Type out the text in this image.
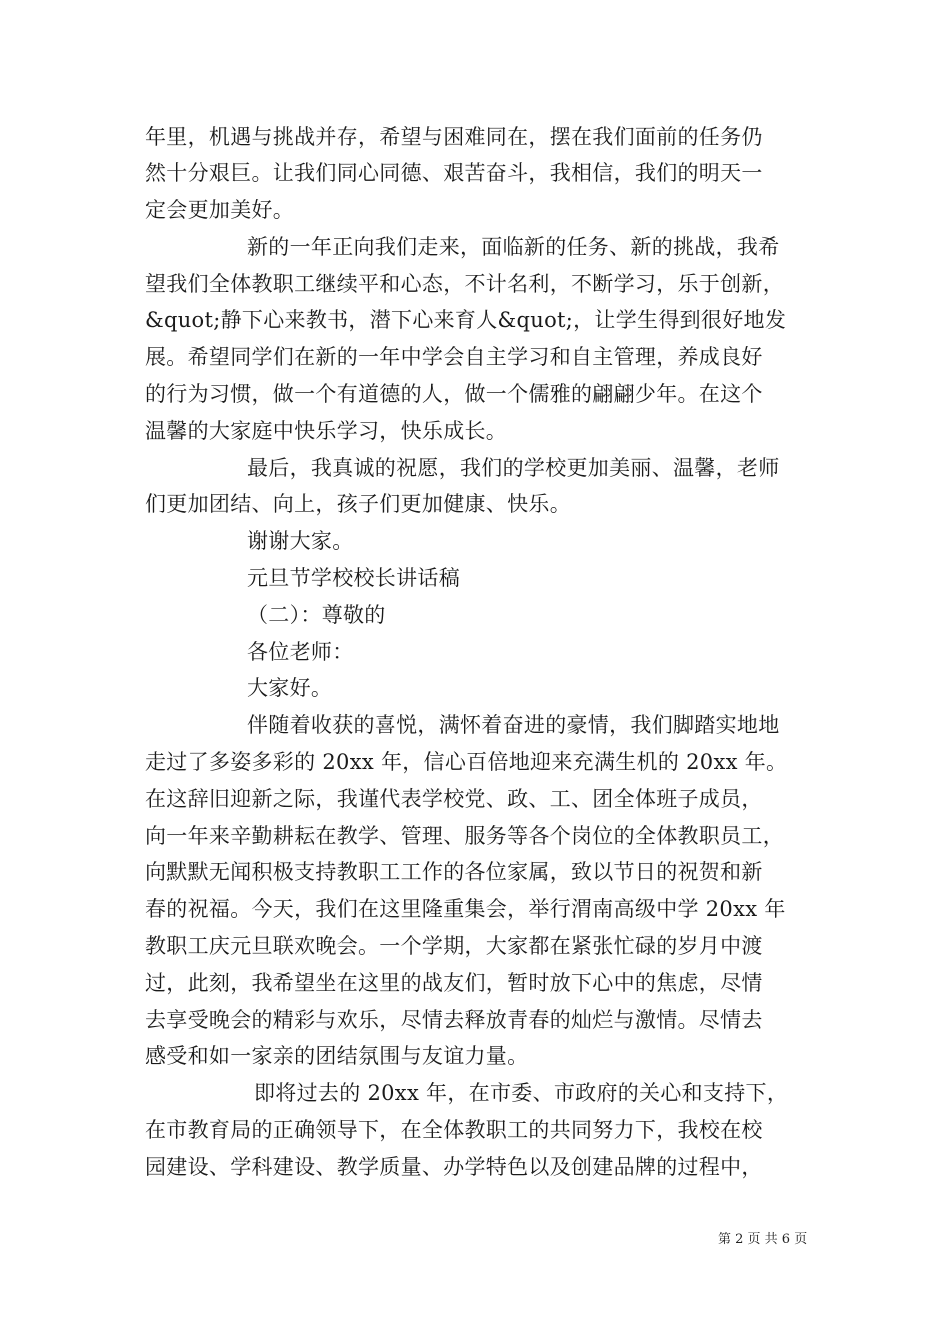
年里，机遇与挑战并存，希望与困难同在，摆在我们面前的任务仍
然十分艰巨。让我们同心同德、艰苦奋斗，我相信，我们的明天一
定会更加美好。
新的一年正向我们走来，面临新的任务、新的挑战，我希
望我们全体教职工继续平和心态，不计名利，不断学习，乐于创新，
&quot;静下心来教书，潜下心来育人&quot;，让学生得到很好地发
展。希望同学们在新的一年中学会自主学习和自主管理，养成良好
的行为习惯，做一个有道德的人，做一个儒雅的翩翩少年。在这个
温馨的大家庭中快乐学习，快乐成长。
最后，我真诚的祝愿，我们的学校更加美丽、温馨，老师
们更加团结、向上，孩子们更加健康、快乐。
谢谢大家。
元旦节学校校长讲话稿
（二）：尊敬的
各位老师：
大家好。
伴随着收获的喜悦，满怀着奋进的豪情，我们脚踏实地地
走过了多姿多彩的 20xx 年，信心百倍地迎来充满生机的 20xx 年。
在这辞旧迎新之际，我谨代表学校党、政、工、团全体班子成员，
向一年来辛勤耕耘在教学、管理、服务等各个岗位的全体教职员工，
向默默无闻积极支持教职工工作的各位家属，致以节日的祝贺和新
春的祝福。今天，我们在这里隆重集会，举行渭南高级中学 20xx 年
教职工庆元旦联欢晚会。一个学期，大家都在紧张忙碌的岁月中渡
过，此刻，我希望坐在这里的战友们，暂时放下心中的焦虑，尽情
去享受晚会的精彩与欢乐，尽情去释放青春的灿烂与激情。尽情去
感受和如一家亲的团结氛围与友谊力量。
即将过去的 20xx 年，在市委、市政府的关心和支持下，
在市教育局的正确领导下，在全体教职工的共同努力下，我校在校
园建设、学科建设、教学质量、办学特色以及创建品牌的过程中，
第 2 页 共 6 页
